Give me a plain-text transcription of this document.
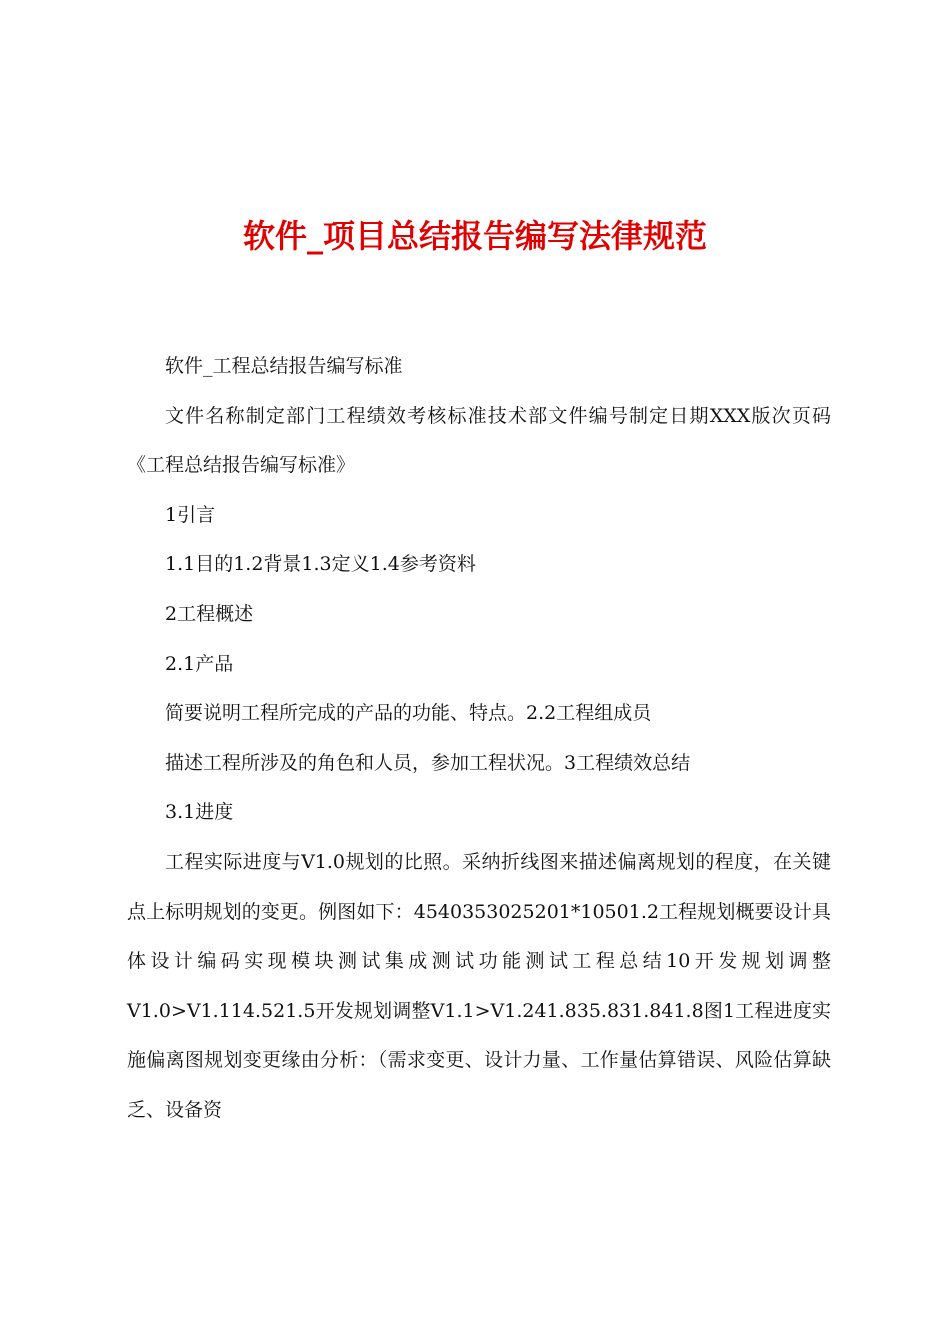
软件_项目总结报告编写法律规范

软件_工程总结报告编写标准

文件名称制定部门工程绩效考核标准技术部文件编号制定日期XXX版次页码《工程总结报告编写标准》

1引言

1.1目的1.2背景1.3定义1.4参考资料

2工程概述

2.1产品

简要说明工程所完成的产品的功能、特点。2.2工程组成员

描述工程所涉及的角色和人员，参加工程状况。3工程绩效总结

3.1进度

工程实际进度与V1.0规划的比照。采纳折线图来描述偏离规划的程度，在关键点上标明规划的变更。例图如下：4540353025201*10501.2工程规划概要设计具体设计编码实现模块测试集成测试功能测试工程总结10开发规划调整V1.0>V1.114.521.5开发规划调整V1.1>V1.241.835.831.841.8图1工程进度实施偏离图规划变更缘由分析：（需求变更、设计力量、工作量估算错误、风险估算缺乏、设备资
